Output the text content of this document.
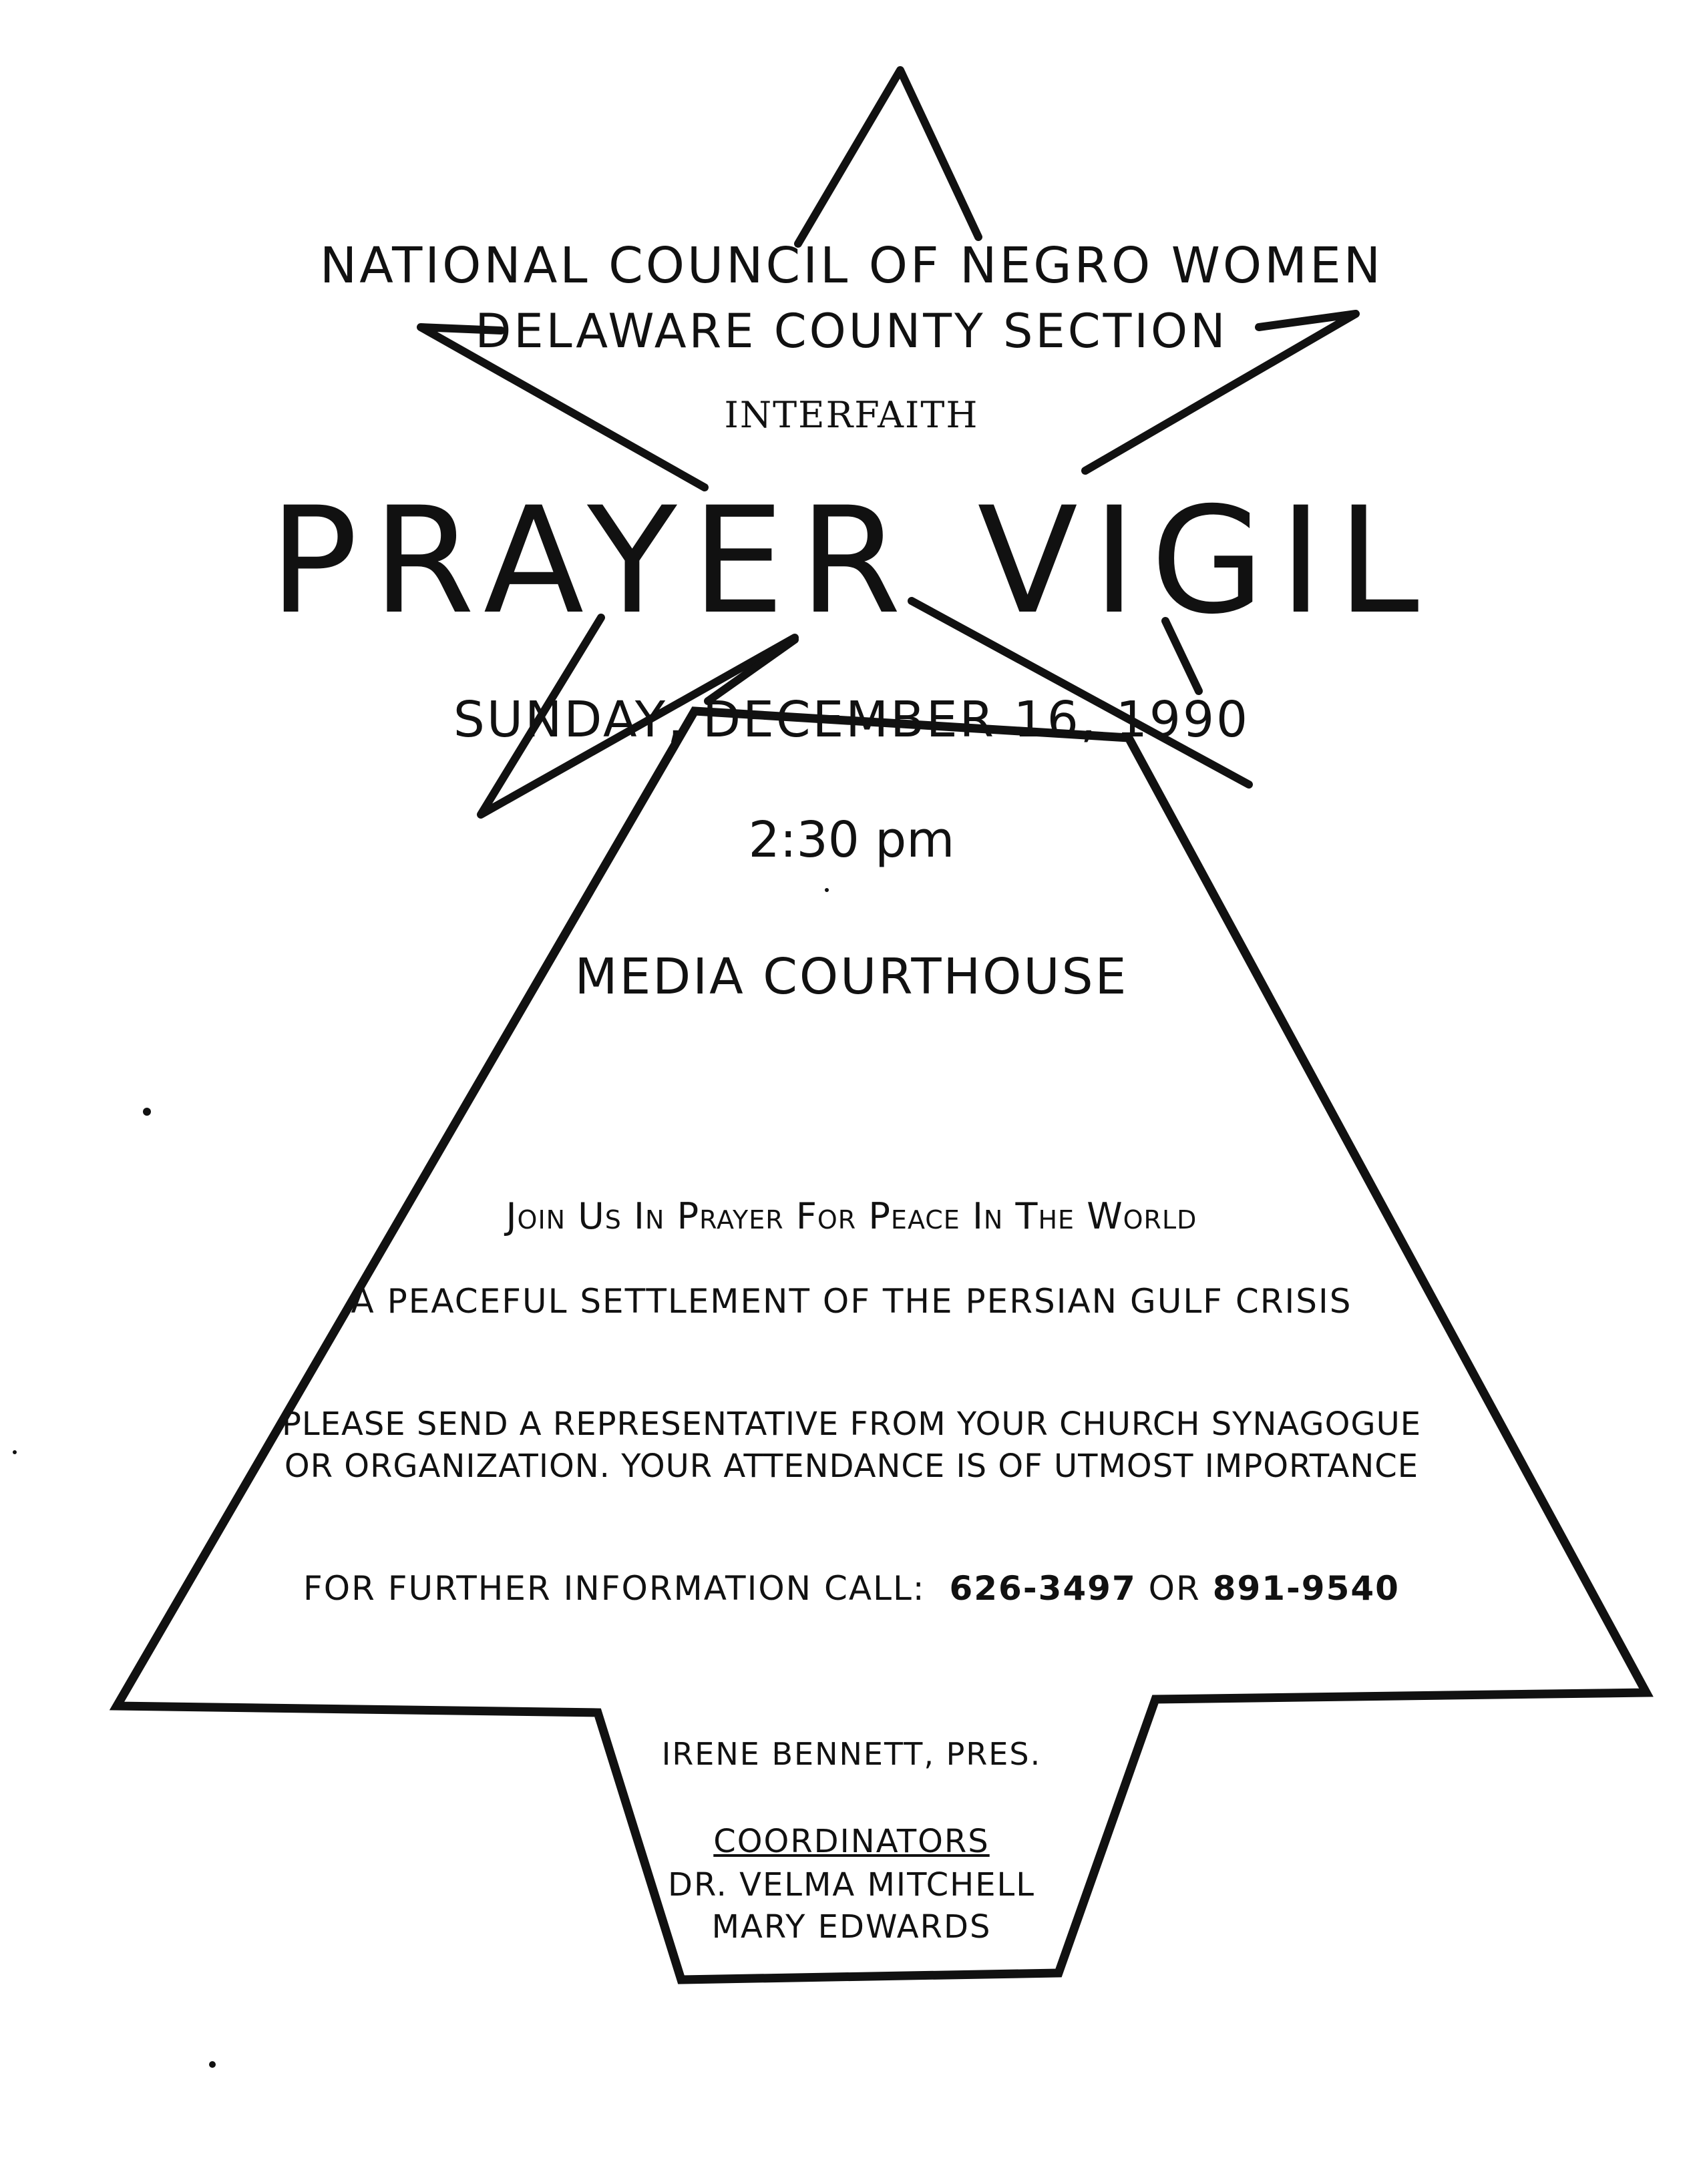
NATIONAL COUNCIL OF NEGRO WOMEN
DELAWARE COUNTY SECTION
INTERFAITH
PRAYER VIGIL
SUNDAY, DECEMBER 16, 1990
2:30 pm
MEDIA COURTHOUSE
Join Us In Prayer For Peace In The World
A PEACEFUL SETTLEMENT OF THE PERSIAN GULF CRISIS
PLEASE SEND A REPRESENTATIVE FROM YOUR CHURCH SYNAGOGUE
OR ORGANIZATION. YOUR ATTENDANCE IS OF UTMOST IMPORTANCE
FOR FURTHER INFORMATION CALL: 626-3497 OR 891-9540
IRENE BENNETT, PRES.
COORDINATORS
DR. VELMA MITCHELL
MARY EDWARDS
